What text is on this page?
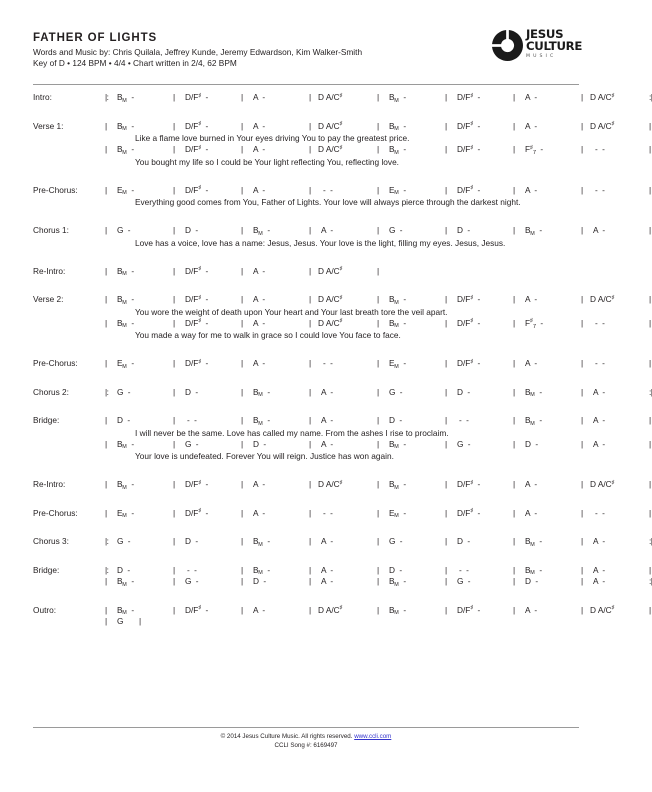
FATHER OF LIGHTS
Words and Music by: Chris Quilala, Jeffrey Kunde, Jeremy Edwardson, Kim Walker-Smith
Key of D • 124 BPM • 4/4 • Chart written in 2/4, 62 BPM
JESUS
CULTURE
MUSIC
Intro:	|: $B_M$ -	| D/F♯ -	| A -	| D A/C♯	| $B_M$ -	| D/F♯ -	| A -	| D A/C♯	:|
Verse 1:	| $B_M$ -	| D/F♯ -	| A -	| D A/C♯	| $B_M$ -	| D/F♯ -	| A -	| D A/C♯	|
Like a flame love burned in Your eyes driving You to pay the greatest price.
| $B_M$ -	| D/F♯ -	| A -	| D A/C♯	| $B_M$ -	| D/F♯ -	| $F^♯_7$ -	| - -	|
You bought my life so I could be Your light reflecting You, reflecting love.
Pre-Chorus:	| $E_M$ -	| D/F♯ -	| A -	| - -	| $E_M$ -	| D/F♯ -	| A -	| - -	|
Everything good comes from You, Father of Lights. Your love will always pierce through the darkest night.
Chorus 1:	| G -	| D -	| $B_M$ -	| A -	| G -	| D -	| $B_M$ -	| A -	|
Love has a voice, love has a name: Jesus, Jesus. Your love is the light, filling my eyes. Jesus, Jesus.
Re-Intro:	| $B_M$ -	| D/F♯ -	| A -	| D A/C♯	|
Verse 2:	| $B_M$ -	| D/F♯ -	| A -	| D A/C♯	| $B_M$ -	| D/F♯ -	| A -	| D A/C♯	|
You wore the weight of death upon Your heart and Your last breath tore the veil apart.
| $B_M$ -	| D/F♯ -	| A -	| D A/C♯	| $B_M$ -	| D/F♯ -	| $F^♯_7$ -	| - -	|
You made a way for me to walk in grace so I could love You face to face.
Pre-Chorus:	| $E_M$ -	| D/F♯ -	| A -	| - -	| $E_M$ -	| D/F♯ -	| A -	| - -	|
Chorus 2:	|: G -	| D -	| $B_M$ -	| A -	| G -	| D -	| $B_M$ -	| A -	:|
Bridge:	| D -	| - -	| $B_M$ -	| A -	| D -	| - -	| $B_M$ -	| A -	|
I will never be the same. Love has called my name. From the ashes I rise to proclaim.
| $B_M$ -	| G -	| D -	| A -	| $B_M$ -	| G -	| D -	| A -	|
Your love is undefeated. Forever You will reign. Justice has won again.
Re-Intro:	| $B_M$ -	| D/F♯ -	| A -	| D A/C♯	| $B_M$ -	| D/F♯ -	| A -	| D A/C♯	|
Pre-Chorus:	| $E_M$ -	| D/F♯ -	| A -	| - -	| $E_M$ -	| D/F♯ -	| A -	| - -	|
Chorus 3:	|: G -	| D -	| $B_M$ -	| A -	| G -	| D -	| $B_M$ -	| A -	:|
Bridge:	|: D -	| - -	| $B_M$ -	| A -	| D -	| - -	| $B_M$ -	| A -	|
| $B_M$ -	| G -	| D -	| A -	| $B_M$ -	| G -	| D -	| A -	:|
Outro:	| $B_M$ -	| D/F♯ -	| A -	| D A/C♯	| $B_M$ -	| D/F♯ -	| A -	| D A/C♯	|
| G	|
© 2014 Jesus Culture Music. All rights reserved. www.ccli.com
CCLI Song #: 6169497
